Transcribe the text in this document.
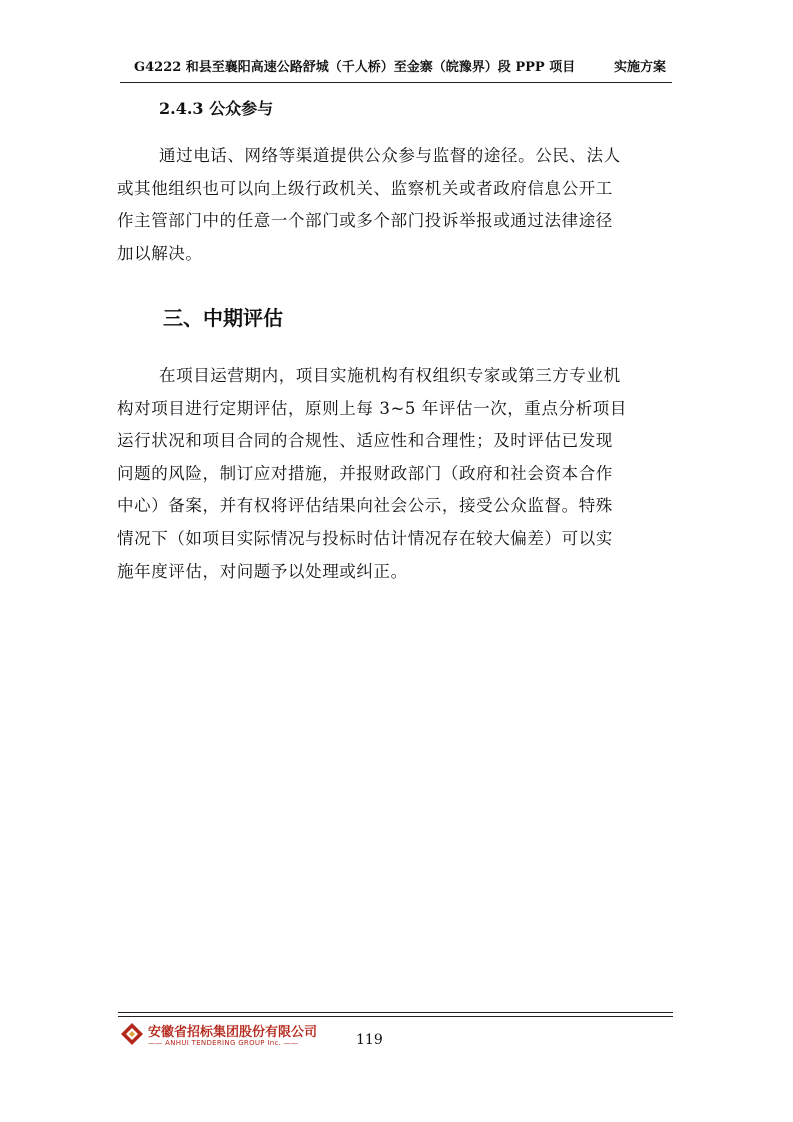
G4222 和县至襄阳高速公路舒城（千人桥）至金寨（皖豫界）段 PPP 项目	实施方案
2.4.3 公众参与

通过电话、网络等渠道提供公众参与监督的途径。公民、法人
或其他组织也可以向上级行政机关、监察机关或者政府信息公开工
作主管部门中的任意一个部门或多个部门投诉举报或通过法律途径
加以解决。

三、中期评估

在项目运营期内，项目实施机构有权组织专家或第三方专业机
构对项目进行定期评估，原则上每 3~5 年评估一次，重点分析项目
运行状况和项目合同的合规性、适应性和合理性；及时评估已发现
问题的风险，制订应对措施，并报财政部门（政府和社会资本合作
中心）备案，并有权将评估结果向社会公示，接受公众监督。特殊
情况下（如项目实际情况与投标时估计情况存在较大偏差）可以实
施年度评估，对问题予以处理或纠正。

安徽省招标集团股份有限公司
—— ANHUI TENDERING GROUP Inc. ——	119
